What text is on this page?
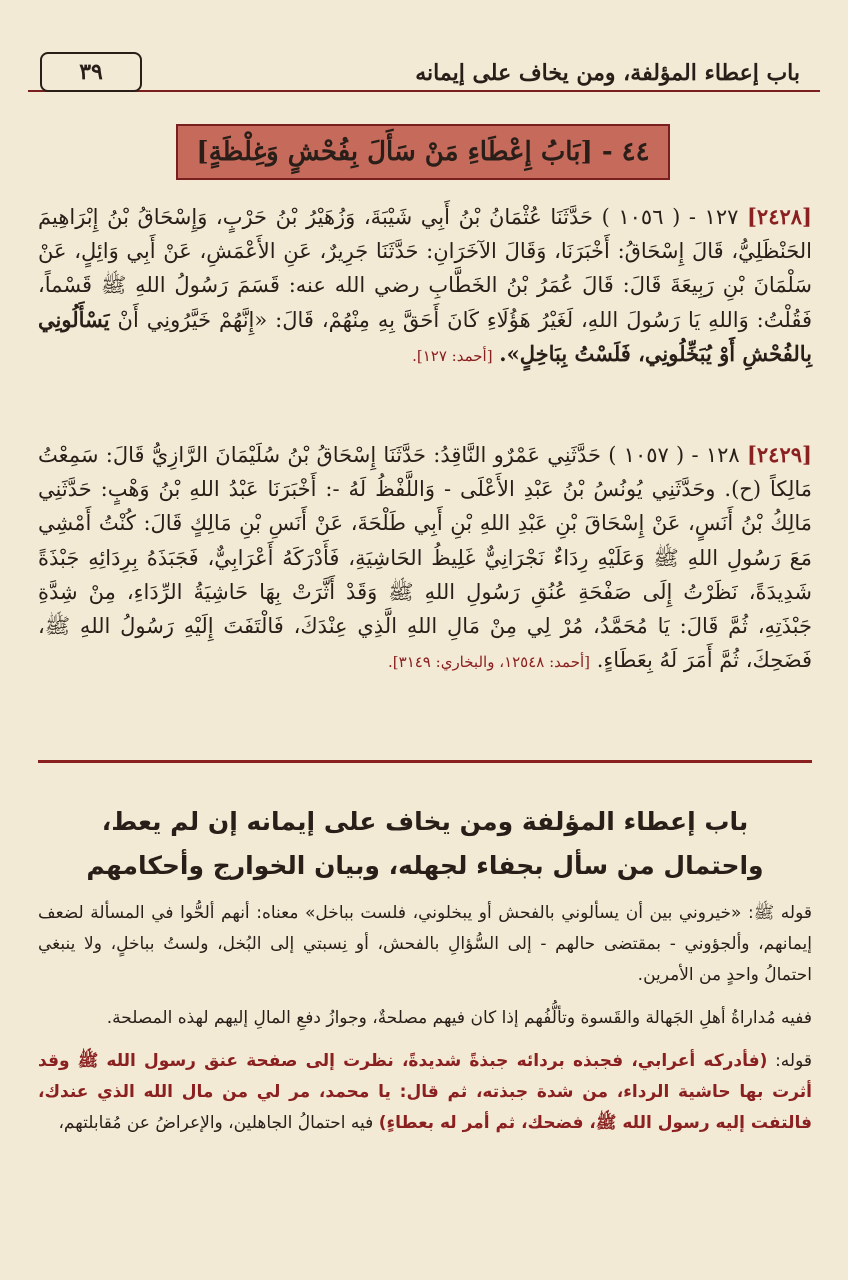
باب إعطاء المؤلفة، ومن يخاف على إيمانه
٣٩
٤٤ - [بَابُ إِعْطَاءِ مَنْ سَأَلَ بِفُحْشٍ وَغِلْظَةٍ]

[٢٤٢٨] ١٢٧ - ( ١٠٥٦ ) حَدَّثَنَا عُثْمَانُ بْنُ أَبِي شَيْبَةَ، وَزُهَيْرُ بْنُ حَرْبٍ، وَإِسْحَاقُ بْنُ إِبْرَاهِيمَ الحَنْظَلِيُّ، قَالَ إِسْحَاقُ: أَخْبَرَنَا، وَقَالَ الآخَرَانِ: حَدَّثَنَا جَرِيرٌ، عَنِ الأَعْمَشِ، عَنْ أَبِي وَائِلٍ، عَنْ سَلْمَانَ بْنِ رَبِيعَةَ قَالَ: قَالَ عُمَرُ بْنُ الخَطَّابِ رضي الله عنه: قَسَمَ رَسُولُ اللهِ ﷺ قَسْماً، فَقُلْتُ: وَاللهِ يَا رَسُولَ اللهِ، لَغَيْرُ هَؤُلَاءِ كَانَ أَحَقَّ بِهِ مِنْهُمْ، قَالَ: «إِنَّهُمْ خَيَّرُونِي أَنْ يَسْأَلُونِي بِالفُحْشِ أَوْ يُبَخِّلُونِي، فَلَسْتُ بِبَاخِلٍ». [أحمد: ١٢٧].

[٢٤٢٩] ١٢٨ - ( ١٠٥٧ ) حَدَّثَنِي عَمْرٌو النَّاقِدُ: حَدَّثَنَا إِسْحَاقُ بْنُ سُلَيْمَانَ الرَّازِيُّ قَالَ: سَمِعْتُ مَالِكاً (ح). وحَدَّثَنِي يُونُسُ بْنُ عَبْدِ الأَعْلَى - وَاللَّفْظُ لَهُ -: أَخْبَرَنَا عَبْدُ اللهِ بْنُ وَهْبٍ: حَدَّثَنِي مَالِكُ بْنُ أَنَسٍ، عَنْ إِسْحَاقَ بْنِ عَبْدِ اللهِ بْنِ أَبِي طَلْحَةَ، عَنْ أَنَسِ بْنِ مَالِكٍ قَالَ: كُنْتُ أَمْشِي مَعَ رَسُولِ اللهِ ﷺ وَعَلَيْهِ رِدَاءٌ نَجْرَانِيٌّ غَلِيظُ الحَاشِيَةِ، فَأَدْرَكَهُ أَعْرَابِيٌّ، فَجَبَذَهُ بِرِدَائِهِ جَبْذَةً شَدِيدَةً، نَظَرْتُ إِلَى صَفْحَةِ عُنُقِ رَسُولِ اللهِ ﷺ وَقَدْ أَثَّرَتْ بِهَا حَاشِيَةُ الرِّدَاءِ، مِنْ شِدَّةِ جَبْذَتِهِ، ثُمَّ قَالَ: يَا مُحَمَّدُ، مُرْ لِي مِنْ مَالِ اللهِ الَّذِي عِنْدَكَ، فَالْتَفَتَ إِلَيْهِ رَسُولُ اللهِ ﷺ، فَضَحِكَ، ثُمَّ أَمَرَ لَهُ بِعَطَاءٍ. [أحمد: ١٢٥٤٨، والبخاري: ٣١٤٩].

باب إعطاء المؤلفة ومن يخاف على إيمانه إن لم يعط،
واحتمال من سأل بجفاء لجهله، وبيان الخوارج وأحكامهم

قوله ﷺ: «خيروني بين أن يسألوني بالفحش أو يبخلوني، فلست بباخل» معناه: أنهم ألحُّوا في المسألة لضعف إيمانهم، وألجؤوني - بمقتضى حالهم - إلى السُّؤالِ بالفحش، أو نِسبتي إلى البُخل، ولستُ بباخلٍ، ولا ينبغي احتمالُ واحدٍ من الأمرين.

ففيه مُداراةُ أهلِ الجَهالة والقَسوة وتألُّفُهم إذا كان فيهم مصلحةٌ، وجوازُ دفعِ المالِ إليهم لهذه المصلحة.

قوله: (فأدركه أعرابي، فجبذه بردائه جبذةً شديدةً، نظرت إلى صفحة عنق رسول الله ﷺ وقد أثرت بها حاشية الرداء، من شدة جبذته، ثم قال: يا محمد، مر لي من مال الله الذي عندك، فالتفت إليه رسول الله ﷺ، فضحك، ثم أمر له بعطاءٍ) فيه احتمالُ الجاهلين، والإعراضُ عن مُقابلتهم،
